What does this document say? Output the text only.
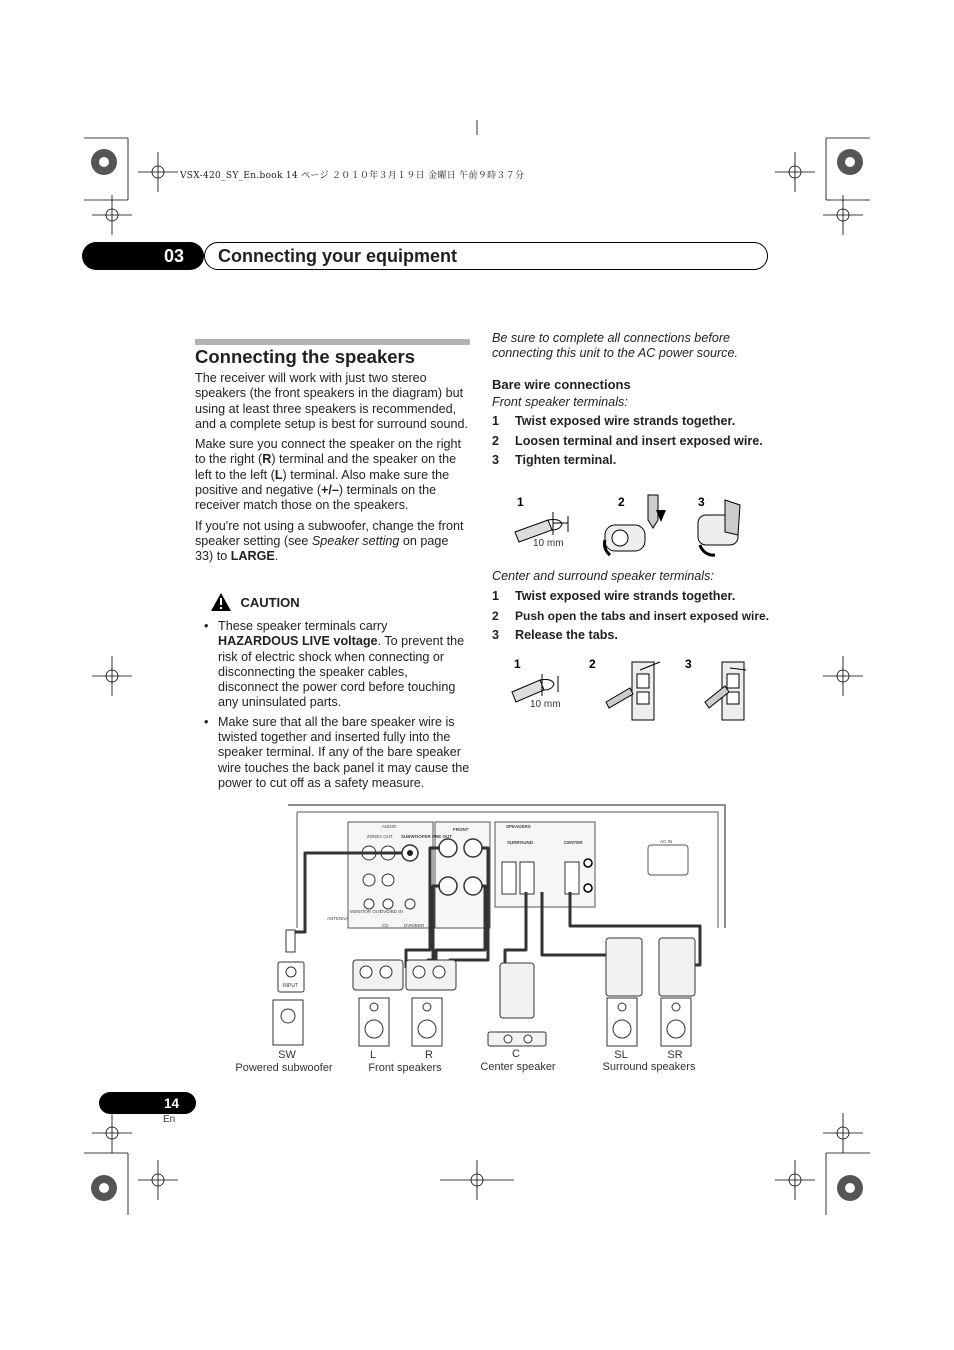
VSX-420_SY_En.book 14 ページ ２０１０年３月１９日 金曜日 午前９時３７分
03	Connecting your equipment
Connecting the speakers

The receiver will work with just two stereo speakers (the front speakers in the diagram) but using at least three speakers is recommended, and a complete setup is best for surround sound.

Make sure you connect the speaker on the right to the right (R) terminal and the speaker on the left to the left (L) terminal. Also make sure the positive and negative (+/–) terminals on the receiver match those on the speakers.

If you're not using a subwoofer, change the front speaker setting (see Speaker setting on page 33) to LARGE.

CAUTION
• These speaker terminals carry HAZARDOUS LIVE voltage. To prevent the risk of electric shock when connecting or disconnecting the speaker cables, disconnect the power cord before touching any uninsulated parts.
• Make sure that all the bare speaker wire is twisted together and inserted fully into the speaker terminal. If any of the bare speaker wire touches the back panel it may cause the power to cut off as a safety measure.
Be sure to complete all connections before connecting this unit to the AC power source.
Bare wire connections
Front speaker terminals:
1 Twist exposed wire strands together.
2 Loosen terminal and insert exposed wire.
3 Tighten terminal.
1	2	3
10 mm
Center and surround speaker terminals:
1 Twist exposed wire strands together.
2 Push open the tabs and insert exposed wire.
3 Release the tabs.
1	2	3
10 mm
AUDIO
ZONE2 OUT SUBWOOFER PRE OUT
FRONT
SPEAKERS
SURROUND	CENTER	AC IN
ANTENNA
MONITOR OUT
DVD/BD IN
CD	DVR/BDR
INPUT
SW
Powered subwoofer
L	R
Front speakers
C
Center speaker
SL	SR
Surround speakers
14
En
